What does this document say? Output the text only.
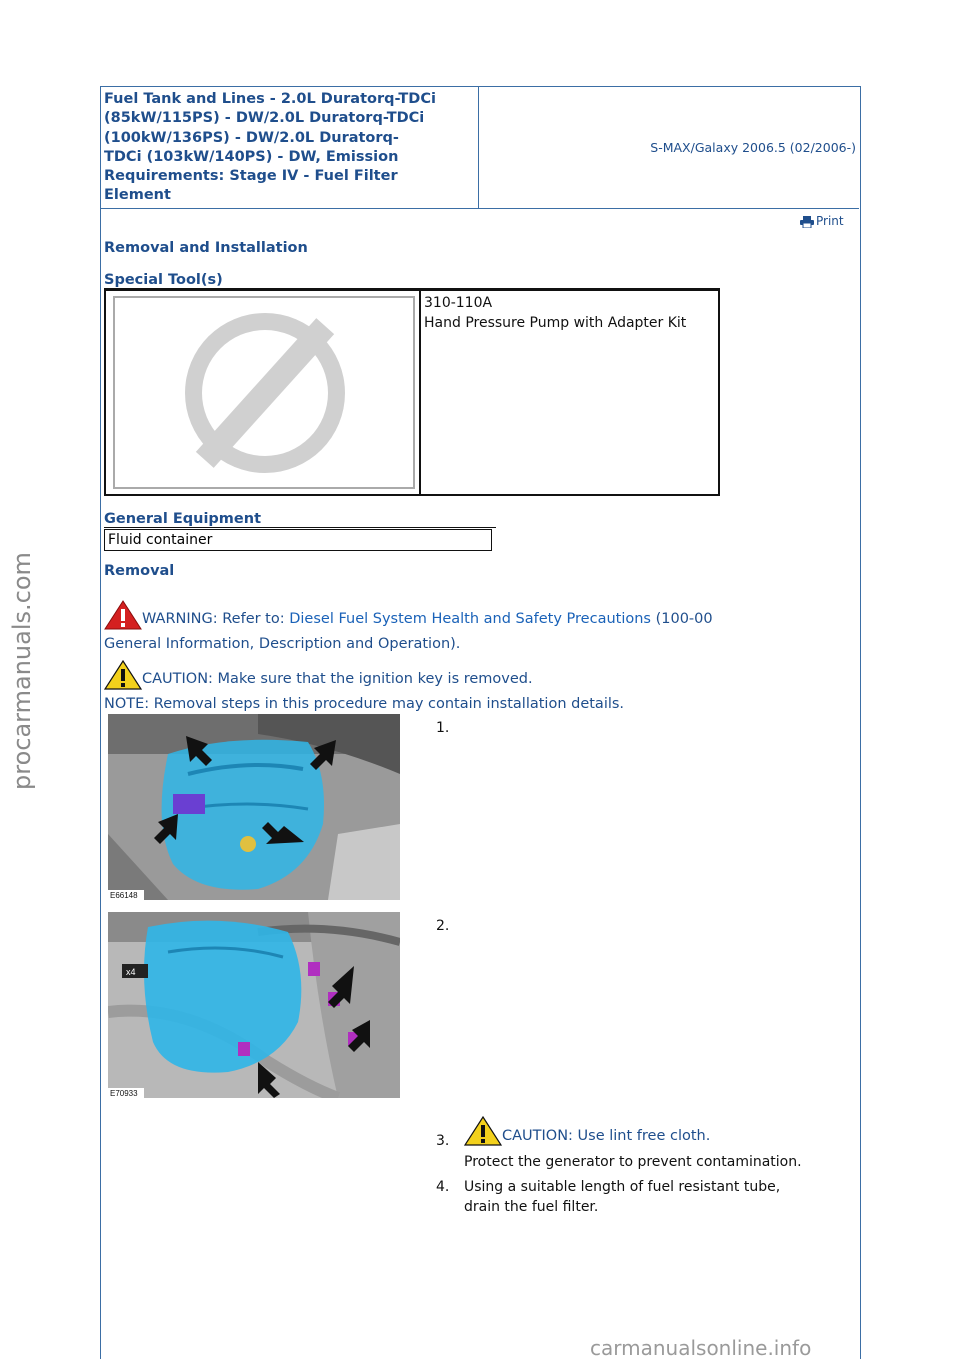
Fuel Tank and Lines - 2.0L Duratorq-TDCi
(85kW/115PS) - DW/2.0L Duratorq-TDCi
(100kW/136PS) - DW/2.0L Duratorq-
TDCi (103kW/140PS) - DW, Emission
Requirements: Stage IV - Fuel Filter
Element
S-MAX/Galaxy 2006.5 (02/2006-)
Print
Removal and Installation
Special Tool(s)
310-110A
Hand Pressure Pump with Adapter Kit
General Equipment
Fluid container
Removal
WARNING: Refer to: Diesel Fuel System Health and Safety Precautions (100-00
General Information, Description and Operation).
CAUTION: Make sure that the ignition key is removed.
NOTE: Removal steps in this procedure may contain installation details.
E66148
1.
x4
E70933
2.
3.	CAUTION: Use lint free cloth.
Protect the generator to prevent contamination.
4. Using a suitable length of fuel resistant tube,
drain the fuel filter.
procarmanuals.com
carmanualsonline.info
